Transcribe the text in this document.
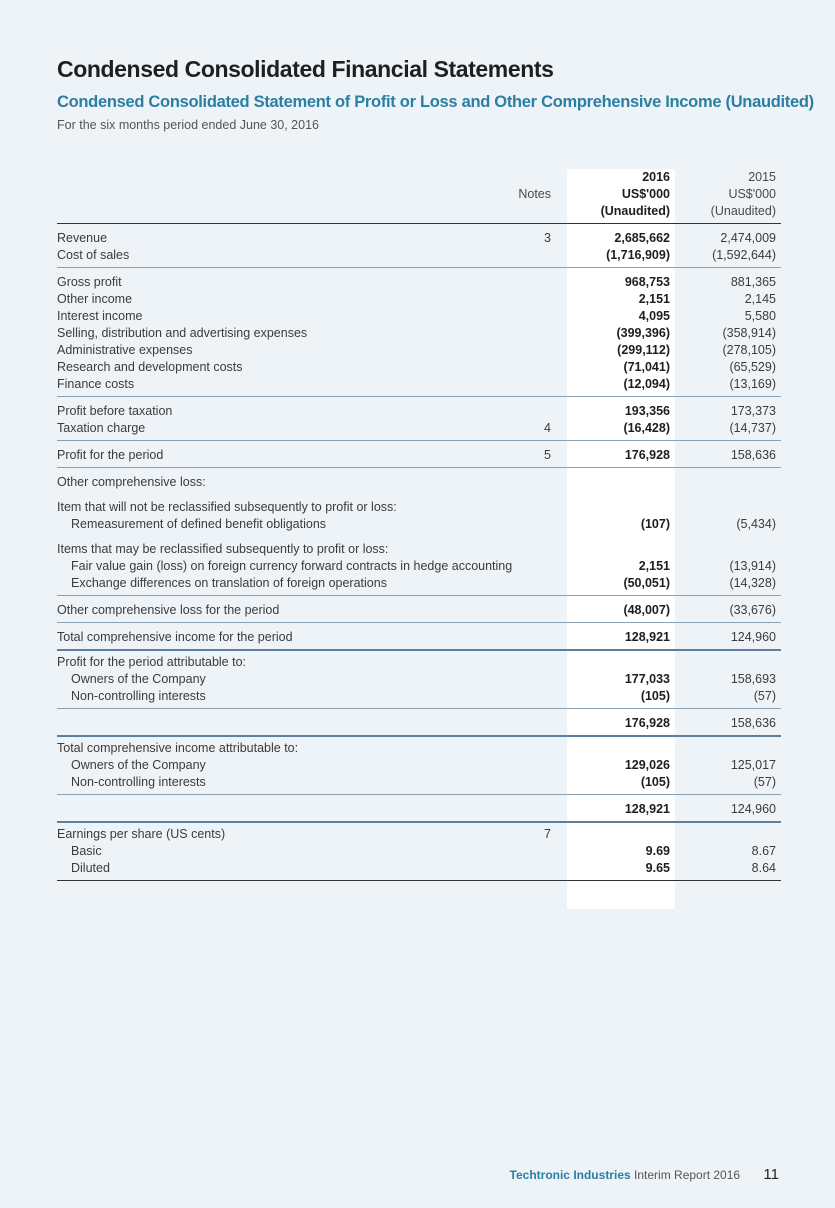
Condensed Consolidated Financial Statements
Condensed Consolidated Statement of Profit or Loss and Other Comprehensive Income (Unaudited)
For the six months period ended June 30, 2016
2016	2015
Notes	US$'000	US$'000
(Unaudited)	(Unaudited)
Revenue	3	2,685,662	2,474,009
Cost of sales	(1,716,909)	(1,592,644)
Gross profit	968,753	881,365
Other income	2,151	2,145
Interest income	4,095	5,580
Selling, distribution and advertising expenses	(399,396)	(358,914)
Administrative expenses	(299,112)	(278,105)
Research and development costs	(71,041)	(65,529)
Finance costs	(12,094)	(13,169)
Profit before taxation	193,356	173,373
Taxation charge	4	(16,428)	(14,737)
Profit for the period	5	176,928	158,636
Other comprehensive loss:
Item that will not be reclassified subsequently to profit or loss:
Remeasurement of defined benefit obligations	(107)	(5,434)
Items that may be reclassified subsequently to profit or loss:
Fair value gain (loss) on foreign currency forward contracts in hedge accounting	2,151	(13,914)
Exchange differences on translation of foreign operations	(50,051)	(14,328)
Other comprehensive loss for the period	(48,007)	(33,676)
Total comprehensive income for the period	128,921	124,960
Profit for the period attributable to:
Owners of the Company	177,033	158,693
Non-controlling interests	(105)	(57)
176,928	158,636
Total comprehensive income attributable to:
Owners of the Company	129,026	125,017
Non-controlling interests	(105)	(57)
128,921	124,960
Earnings per share (US cents)	7
Basic	9.69	8.67
Diluted	9.65	8.64
Techtronic Industries Interim Report 2016 11
